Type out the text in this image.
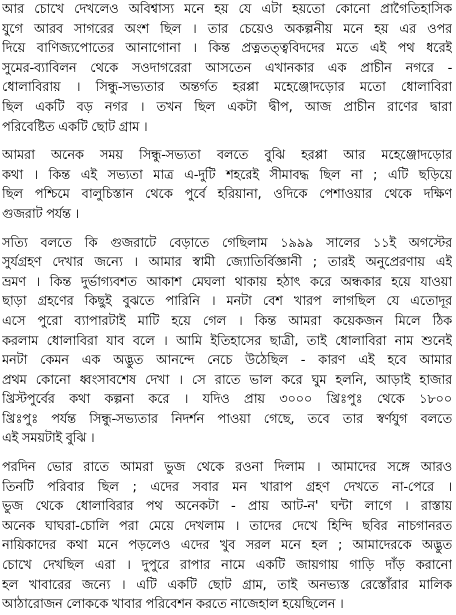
আর চোখে দেখলেও অবিশ্বাস্য মনে হয় যে এটা হয়তো কোনো প্রাগৈতিহাসিক
যুগে আরব সাগরের অংশ ছিল । তার চেয়েও অকল্পনীয় মনে হয় এর ওপর
দিয়ে বাণিজ্যপোতের আনাগোনা । কিন্ত প্রত্নতত্ত্ববিদদের মতে এই পথ ধরেই
সুমের-ব্যাবিলন থেকে সওদাগরেরা আসতেন এখানকার এক প্রাচীন নগরে -
ধোলাবিরায় । সিন্ধু-সভ্যতার অন্তর্গত হরপ্পা মহেঞ্জোদড়োর মতো ধোলাবিরা
ছিল একটি বড় নগর । তখন ছিল একটা দ্বীপ, আজ প্রাচীন রাণের দ্বারা
পরিবেষ্টিত একটি ছোট গ্রাম ।
আমরা অনেক সময় সিন্ধু-সভ্যতা বলতে বুঝি হরপ্পা আর মহেঞ্জোদড়োর
কথা । কিন্ত এই সভ্যতা মাত্র এ-দুটি শহরেই সীমাবদ্ধ ছিল না ; এটি ছড়িয়ে
ছিল পশ্চিমে বালুচিস্তান থেকে পুর্বে হরিয়ানা, ওদিকে পেশাওয়ার থেকে দক্ষিণ
গুজরাট পর্যন্ত ।
সত্যি বলতে কি গুজরাটে বেড়াতে গেছিলাম ১৯৯৯ সালের ১১ই অগস্টের
সুর্যগ্রহণ দেখার জন্যে । আমার স্বামী জ্যোতির্বিজ্ঞানী ; তারই অনুপ্রেরণায় এই
ভ্রমণ । কিন্ত দুর্ভাগ্যবশত আকাশ মেঘলা থাকায় হঠাৎ করে অন্ধকার হয়ে যাওয়া
ছাড়া গ্রহণের কিছুই বুঝতে পারিনি । মনটা বেশ খারপ লাগছিল যে এতোদূর
এসে পুরো ব্যাপারটাই মাটি হয়ে গেল । কিন্ত আমরা কয়েকজন মিলে ঠিক
করলাম ধোলাবিরা যাব বলে । আমি ইতিহাসের ছাত্রী, তাই ধোলাবিরা নাম শুনেই
মনটা কেমন এক অদ্ভুত আনন্দে নেচে উঠেছিল - কারণ এই হবে আমার
প্রথম কোনো ধ্বংসাবশেষ দেখা । সে রাতে ভাল করে ঘুম হলনি, আড়াই হাজার
খ্রিস্টপুর্বের কথা কল্পনা করে । যদিও প্রায় ৩০০০ খ্রিঃপুঃ থেকে ১৮০০
খ্রিঃপুঃ পর্যন্ত সিন্ধু-সভ্যতার নিদর্শন পাওয়া গেছে, তবে তার স্বর্ণযুগ বলতে
এই সময়টাই বুঝি ।
পরদিন ভোর রাতে আমরা ভুজ থেকে রওনা দিলাম । আমাদের সঙ্গে আরও
তিনটি পরিবার ছিল ; এদের সবার মন খারাপ গ্রহণ দেখতে না-পেরে ।
ভুজ থেকে ধোলাবিরার পথ অনেকটা - প্রায় আট-ন' ঘন্টা লাগে । রাস্তায়
অনেক ঘাঘরা-চোলি পরা মেয়ে দেখলাম । তাদের দেখে হিন্দি ছবির নাচগানরত
নায়িকাদের কথা মনে পড়লেও এদের খুব সরল মনে হল ; আমাদেরকে অদ্ভুত
চোখে দেখছিল এরা । দুপুরে রাপার নামে একটি জায়গায় গাড়ি দাঁড় করানো
হল খাবারের জন্যে । এটি একটি ছোট গ্রাম, তাই অনভ্যস্ত রেস্তোঁরার মালিক
আঠারোজন লোককে খাবার পরিবেশন করতে নাজেহাল হয়েছিলেন ।
